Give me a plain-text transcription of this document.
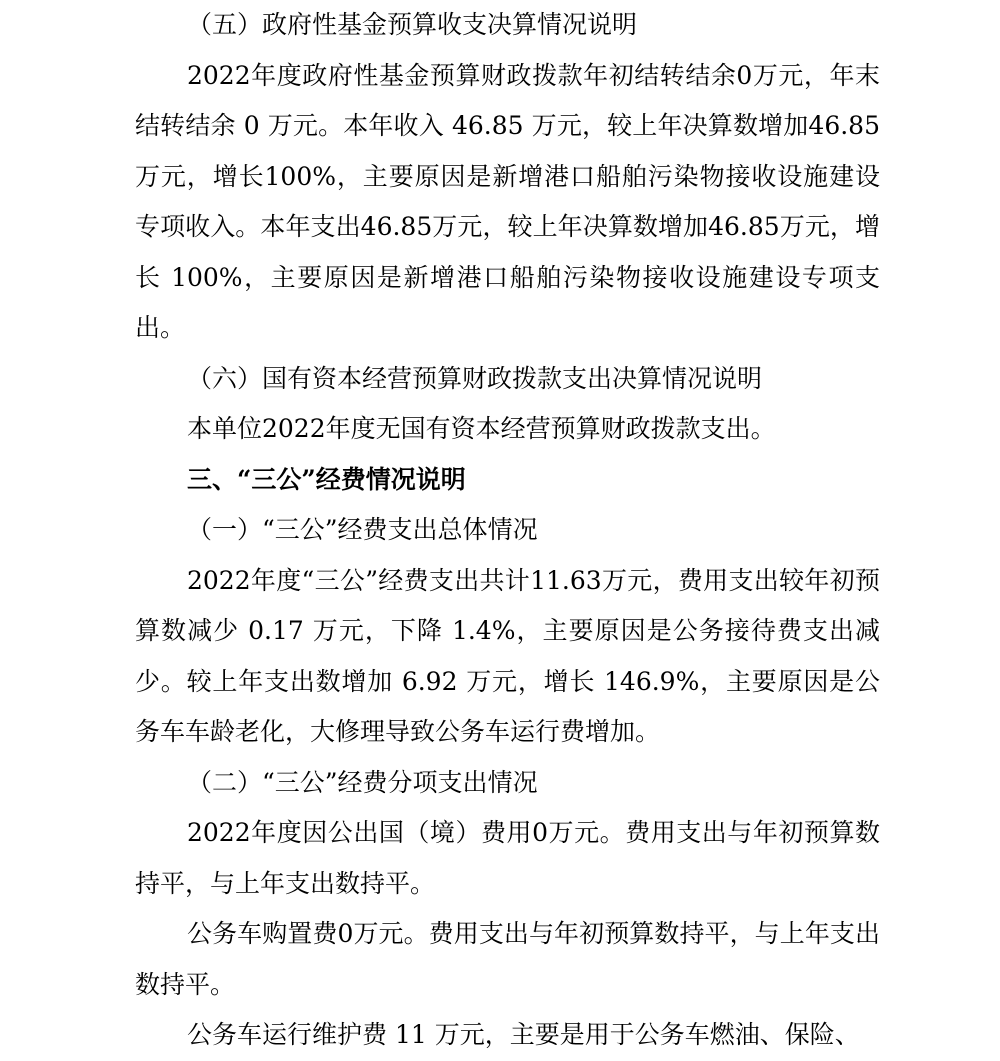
（五）政府性基金预算收支决算情况说明

2022年度政府性基金预算财政拨款年初结转结余0万元，年末结转结余 0 万元。本年收入 46.85 万元，较上年决算数增加46.85万元，增长100%，主要原因是新增港口船舶污染物接收设施建设专项收入。本年支出46.85万元，较上年决算数增加46.85万元，增长 100%，主要原因是新增港口船舶污染物接收设施建设专项支出。

（六）国有资本经营预算财政拨款支出决算情况说明

本单位2022年度无国有资本经营预算财政拨款支出。

三、“三公”经费情况说明

（一）“三公”经费支出总体情况

2022年度“三公”经费支出共计11.63万元，费用支出较年初预算数减少 0.17 万元，下降 1.4%，主要原因是公务接待费支出减少。较上年支出数增加 6.92 万元，增长 146.9%，主要原因是公务车车龄老化，大修理导致公务车运行费增加。

（二）“三公”经费分项支出情况

2022年度因公出国（境）费用0万元。费用支出与年初预算数持平，与上年支出数持平。

公务车购置费0万元。费用支出与年初预算数持平，与上年支出数持平。

公务车运行维护费 11 万元，主要是用于公务车燃油、保险、
